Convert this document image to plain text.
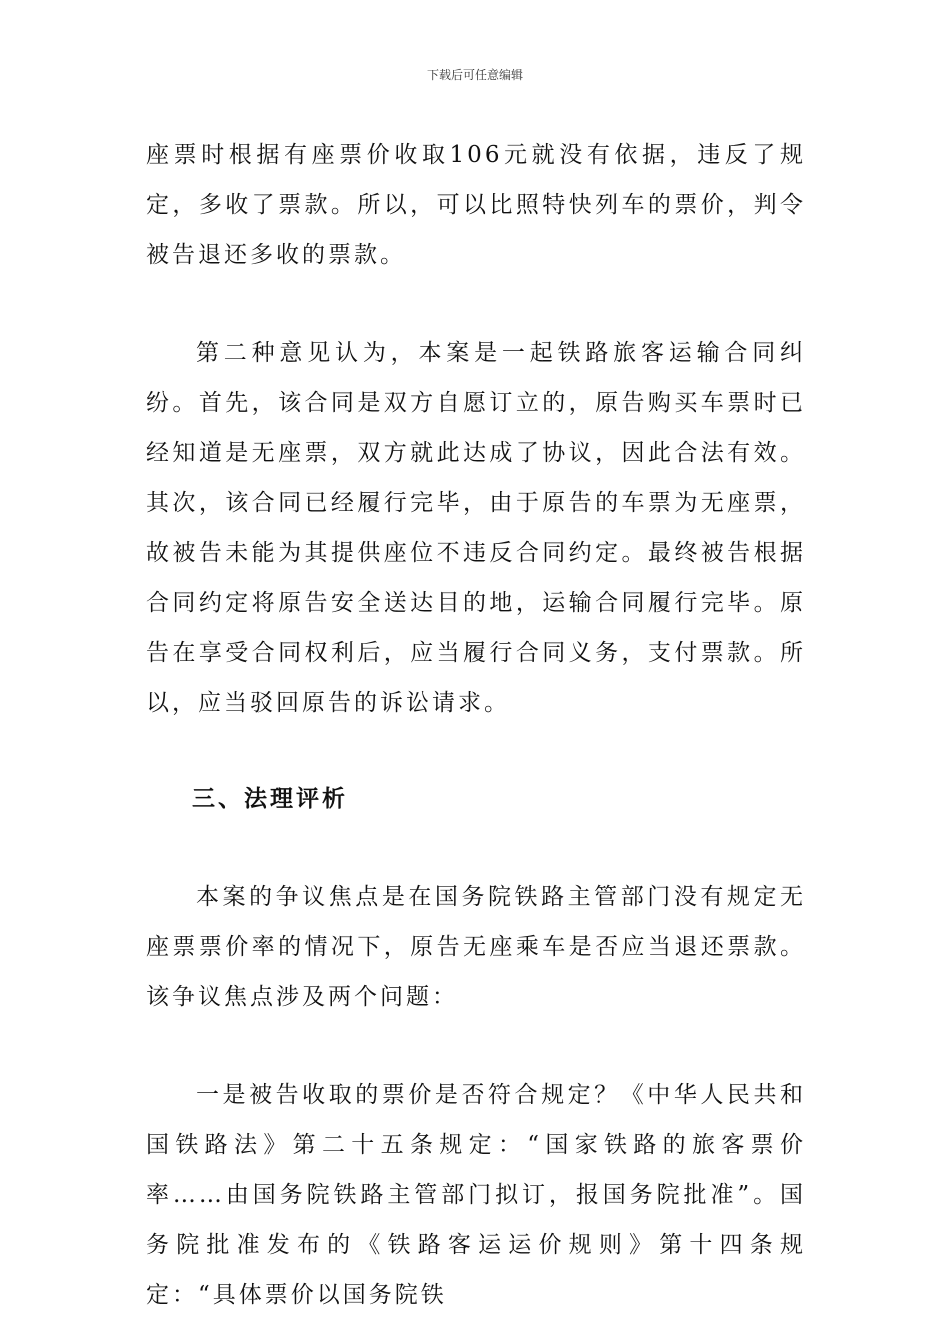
下载后可任意编辑

座票时根据有座票价收取106元就没有依据，违反了规定，多收了票款。所以，可以比照特快列车的票价，判令被告退还多收的票款。

第二种意见认为，本案是一起铁路旅客运输合同纠纷。首先，该合同是双方自愿订立的，原告购买车票时已经知道是无座票，双方就此达成了协议，因此合法有效。其次，该合同已经履行完毕，由于原告的车票为无座票，故被告未能为其提供座位不违反合同约定。最终被告根据合同约定将原告安全送达目的地，运输合同履行完毕。原告在享受合同权利后，应当履行合同义务，支付票款。所以，应当驳回原告的诉讼请求。

三、法理评析

本案的争议焦点是在国务院铁路主管部门没有规定无座票票价率的情况下，原告无座乘车是否应当退还票款。该争议焦点涉及两个问题：

一是被告收取的票价是否符合规定？《中华人民共和国铁路法》第二十五条规定：“国家铁路的旅客票价率……由国务院铁路主管部门拟订，报国务院批准”。国务院批准发布的《铁路客运运价规则》第十四条规定：“具体票价以国务院铁
